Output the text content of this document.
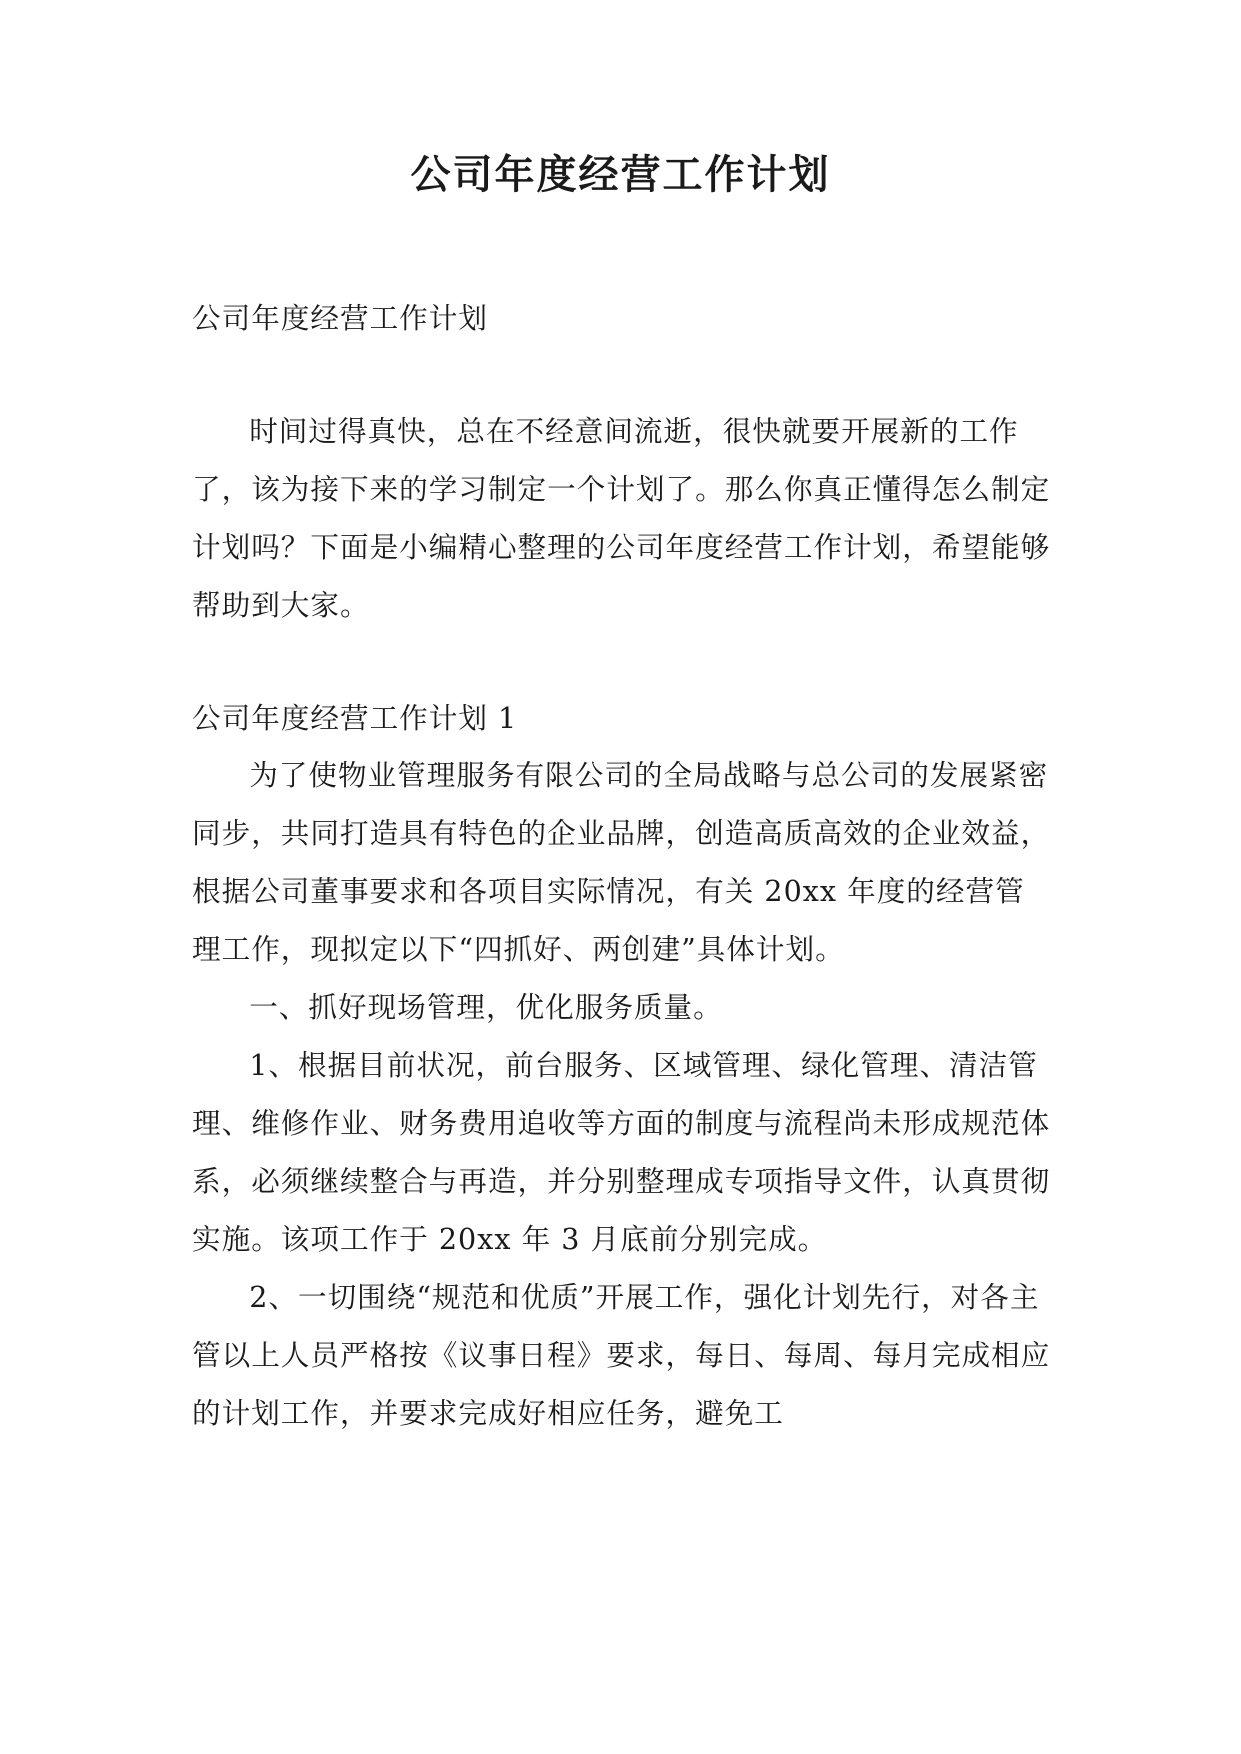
公司年度经营工作计划
公司年度经营工作计划
时间过得真快，总在不经意间流逝，很快就要开展新的工作了，该为接下来的学习制定一个计划了。那么你真正懂得怎么制定计划吗？下面是小编精心整理的公司年度经营工作计划，希望能够帮助到大家。
公司年度经营工作计划 1

为了使物业管理服务有限公司的全局战略与总公司的发展紧密同步，共同打造具有特色的企业品牌，创造高质高效的企业效益，根据公司董事要求和各项目实际情况，有关 20xx 年度的经营管理工作，现拟定以下“四抓好、两创建”具体计划。

一、抓好现场管理，优化服务质量。

1、根据目前状况，前台服务、区域管理、绿化管理、清洁管理、维修作业、财务费用追收等方面的制度与流程尚未形成规范体系，必须继续整合与再造，并分别整理成专项指导文件，认真贯彻实施。该项工作于 20xx 年 3 月底前分别完成。

2、一切围绕“规范和优质”开展工作，强化计划先行，对各主管以上人员严格按《议事日程》要求，每日、每周、每月完成相应的计划工作，并要求完成好相应任务，避免工
